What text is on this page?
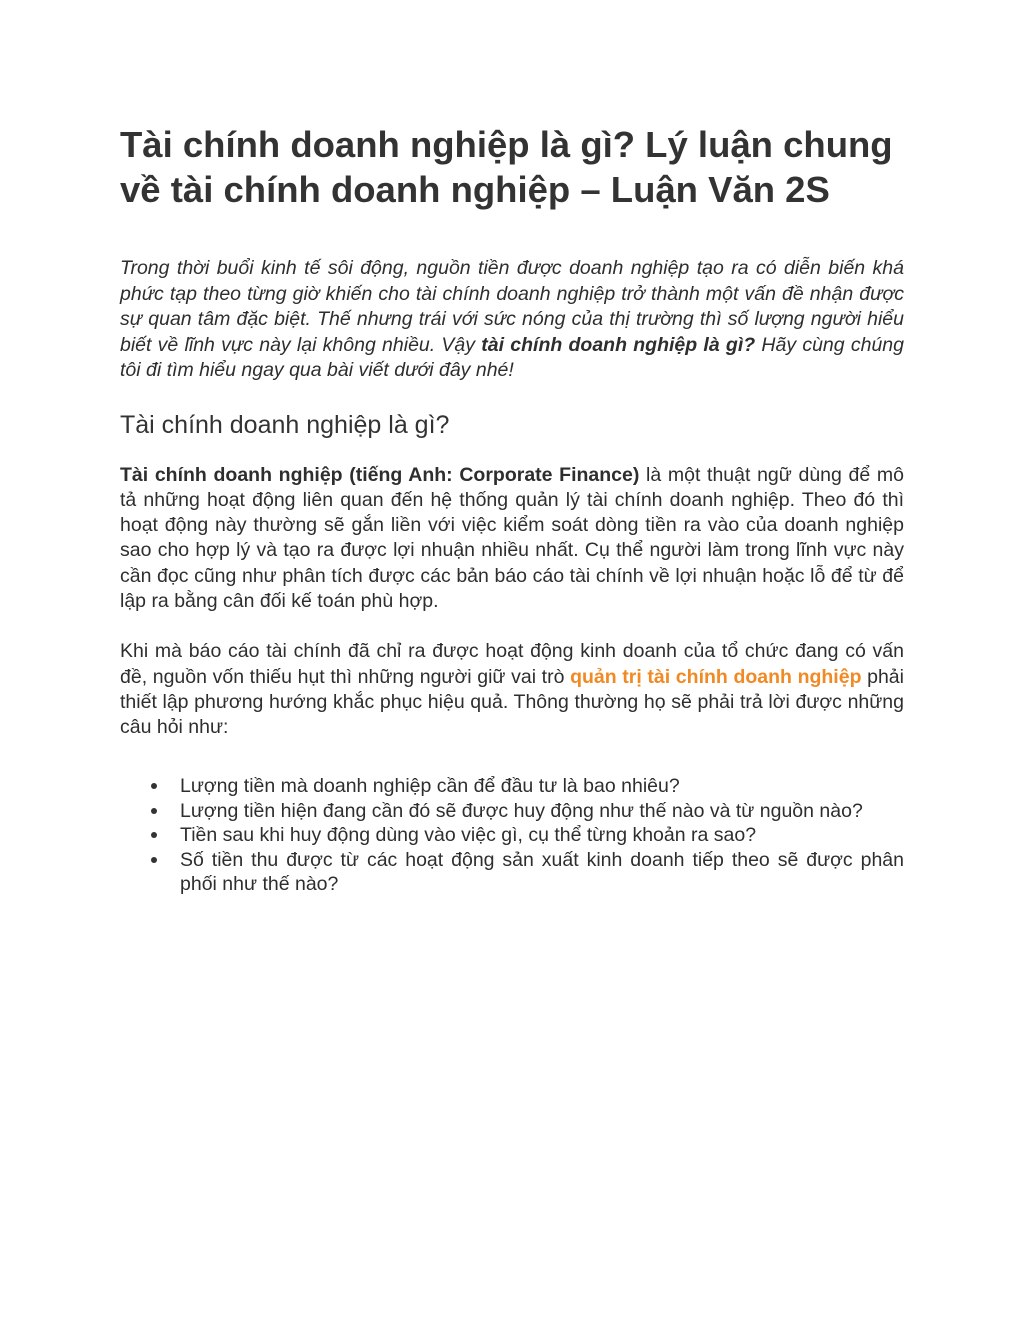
Tài chính doanh nghiệp là gì? Lý luận chung về tài chính doanh nghiệp – Luận Văn 2S

Trong thời buổi kinh tế sôi động, nguồn tiền được doanh nghiệp tạo ra có diễn biến khá phức tạp theo từng giờ khiến cho tài chính doanh nghiệp trở thành một vấn đề nhận được sự quan tâm đặc biệt. Thế nhưng trái với sức nóng của thị trường thì số lượng người hiểu biết về lĩnh vực này lại không nhiều. Vậy tài chính doanh nghiệp là gì? Hãy cùng chúng tôi đi tìm hiểu ngay qua bài viết dưới đây nhé!

Tài chính doanh nghiệp là gì?

Tài chính doanh nghiệp (tiếng Anh: Corporate Finance) là một thuật ngữ dùng để mô tả những hoạt động liên quan đến hệ thống quản lý tài chính doanh nghiệp. Theo đó thì hoạt động này thường sẽ gắn liền với việc kiểm soát dòng tiền ra vào của doanh nghiệp sao cho hợp lý và tạo ra được lợi nhuận nhiều nhất. Cụ thể người làm trong lĩnh vực này cần đọc cũng như phân tích được các bản báo cáo tài chính về lợi nhuận hoặc lỗ để từ để lập ra bằng cân đối kế toán phù hợp.

Khi mà báo cáo tài chính đã chỉ ra được hoạt động kinh doanh của tổ chức đang có vấn đề, nguồn vốn thiếu hụt thì những người giữ vai trò quản trị tài chính doanh nghiệp phải thiết lập phương hướng khắc phục hiệu quả. Thông thường họ sẽ phải trả lời được những câu hỏi như:

Lượng tiền mà doanh nghiệp cần để đầu tư là bao nhiêu?
Lượng tiền hiện đang cần đó sẽ được huy động như thế nào và từ nguồn nào?
Tiền sau khi huy động dùng vào việc gì, cụ thể từng khoản ra sao?
Số tiền thu được từ các hoạt động sản xuất kinh doanh tiếp theo sẽ được phân phối như thế nào?
